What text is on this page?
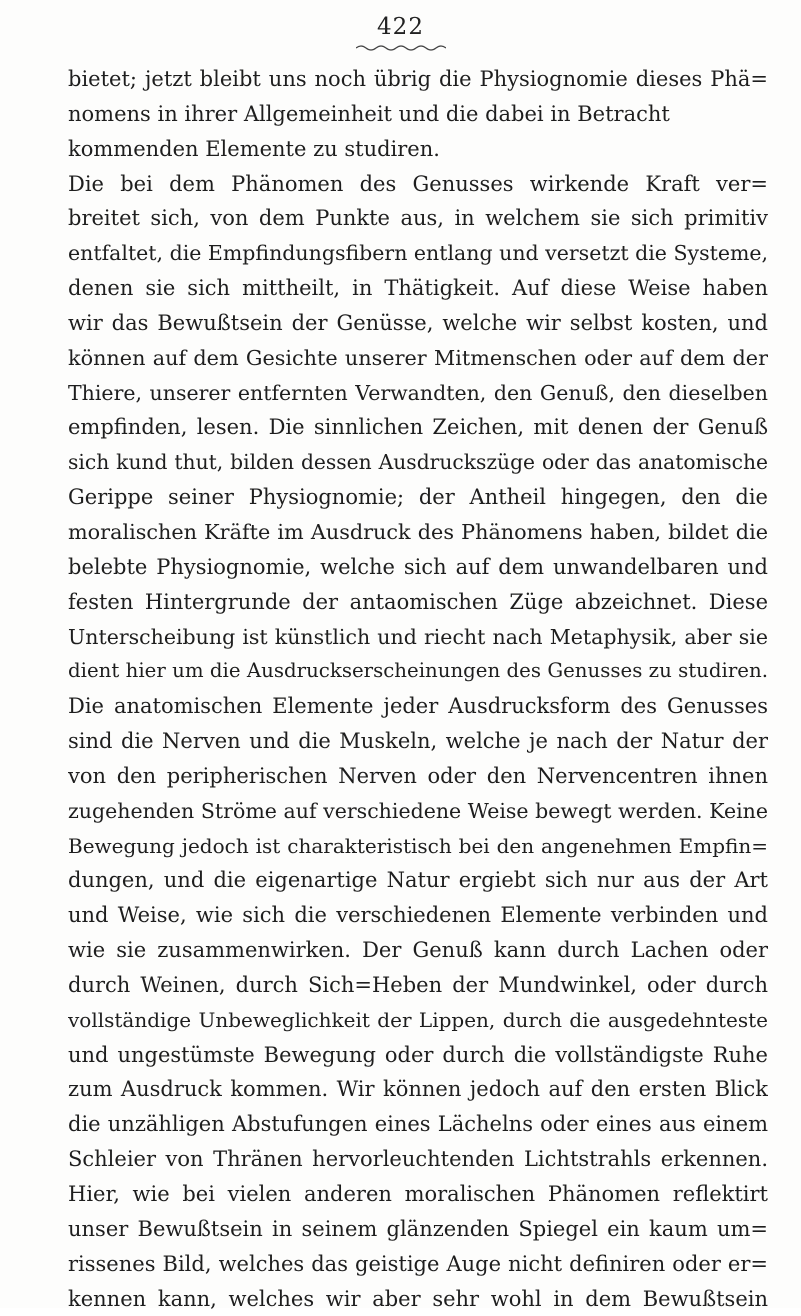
422
bietet; jetzt bleibt uns noch übrig die Physiognomie dieses Phä=
nomens in ihrer Allgemeinheit und die dabei in Betracht
kommenden Elemente zu studiren.
Die bei dem Phänomen des Genusses wirkende Kraft ver=
breitet sich, von dem Punkte aus, in welchem sie sich primitiv
entfaltet, die Empfindungsfibern entlang und versetzt die Systeme,
denen sie sich mittheilt, in Thätigkeit. Auf diese Weise haben
wir das Bewußtsein der Genüsse, welche wir selbst kosten, und
können auf dem Gesichte unserer Mitmenschen oder auf dem der
Thiere, unserer entfernten Verwandten, den Genuß, den dieselben
empfinden, lesen. Die sinnlichen Zeichen, mit denen der Genuß
sich kund thut, bilden dessen Ausdruckszüge oder das anatomische
Gerippe seiner Physiognomie; der Antheil hingegen, den die
moralischen Kräfte im Ausdruck des Phänomens haben, bildet die
belebte Physiognomie, welche sich auf dem unwandelbaren und
festen Hintergrunde der antaomischen Züge abzeichnet. Diese
Unterscheibung ist künstlich und riecht nach Metaphysik, aber sie
dient hier um die Ausdruckserscheinungen des Genusses zu studiren.
Die anatomischen Elemente jeder Ausdrucksform des Genusses
sind die Nerven und die Muskeln, welche je nach der Natur der
von den peripherischen Nerven oder den Nervencentren ihnen
zugehenden Ströme auf verschiedene Weise bewegt werden. Keine
Bewegung jedoch ist charakteristisch bei den angenehmen Empfin=
dungen, und die eigenartige Natur ergiebt sich nur aus der Art
und Weise, wie sich die verschiedenen Elemente verbinden und
wie sie zusammenwirken. Der Genuß kann durch Lachen oder
durch Weinen, durch Sich=Heben der Mundwinkel, oder durch
vollständige Unbeweglichkeit der Lippen, durch die ausgedehnteste
und ungestümste Bewegung oder durch die vollständigste Ruhe
zum Ausdruck kommen. Wir können jedoch auf den ersten Blick
die unzähligen Abstufungen eines Lächelns oder eines aus einem
Schleier von Thränen hervorleuchtenden Lichtstrahls erkennen.
Hier, wie bei vielen anderen moralischen Phänomen reflektirt
unser Bewußtsein in seinem glänzenden Spiegel ein kaum um=
rissenes Bild, welches das geistige Auge nicht definiren oder er=
kennen kann, welches wir aber sehr wohl in dem Bewußtsein
